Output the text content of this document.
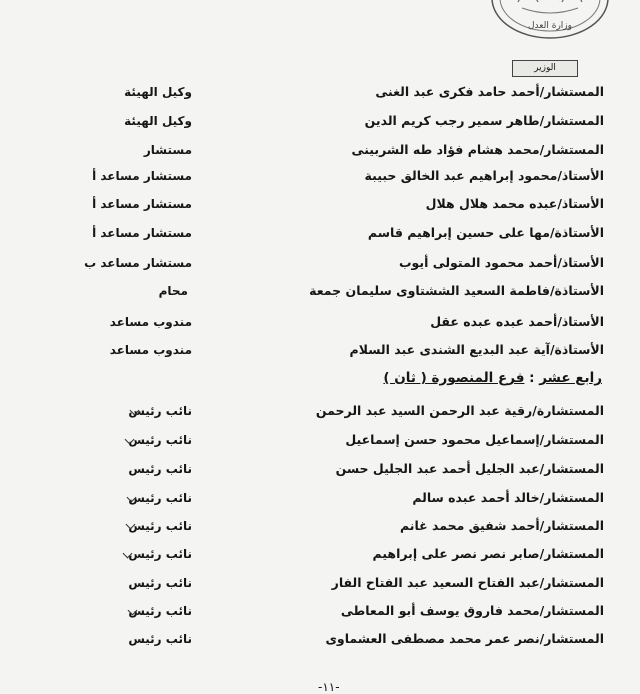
وزارة العدل
الوزير
المستشار/أحمد حامد فكرى عبد الغنى
وكيل الهيئة
المستشار/طاهر سمير رجب كريم الدين
وكيل الهيئة
المستشار/محمد هشام فؤاد طه الشربينى
مستشار
الأستاذ/محمود إبراهيم عبد الخالق حبيبة
مستشار مساعد أ
الأستاذ/عبده محمد هلال هلال
مستشار مساعد أ
الأستاذة/مها على حسين إبراهيم قاسم
مستشار مساعد أ
الأستاذ/أحمد محمود المتولى أيوب
مستشار مساعد ب
الأستاذة/فاطمة السعيد الششتاوى سليمان جمعة
محام
الأستاذ/أحمد عبده عبده عقل
مندوب مساعد
الأستاذة/آية عبد البديع الشندى عبد السلام
مندوب مساعد
رابع عشر : فرع المنصورة ( ثان )
المستشارة/رقية عبد الرحمن السيد عبد الرحمن
نائب رئيس
المستشار/إسماعيل محمود حسن إسماعيل
نائب رئيس
المستشار/عبد الجليل أحمد عبد الجليل حسن
نائب رئيس
المستشار/خالد أحمد عبده سالم
نائب رئيس
المستشار/أحمد شفيق محمد غانم
نائب رئيس
المستشار/صابر نصر نصر على إبراهيم
نائب رئيس
المستشار/عبد الفتاح السعيد عبد الفتاح الفار
نائب رئيس
المستشار/محمد فاروق يوسف أبو المعاطى
نائب رئيس
المستشار/نصر عمر محمد مصطفى العشماوى
نائب رئيس
-١١-
